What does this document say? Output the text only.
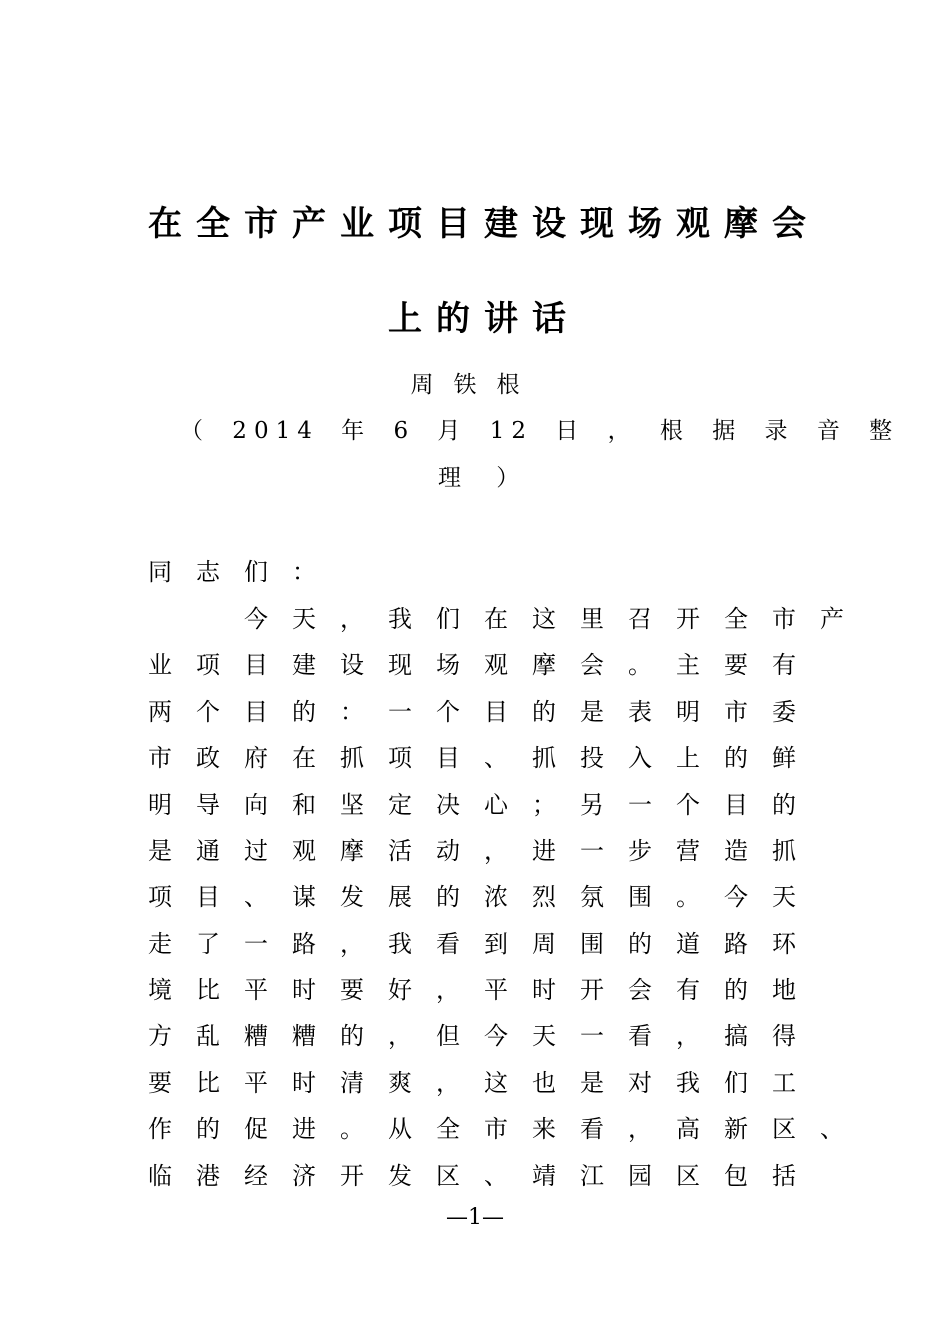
在全市产业项目建设现场观摩会
上的讲话

周铁根

（ 2014 年 6 月 12 日 ， 根 据 录 音 整

理 ）

同志们：

　　今天，我们在这里召开全市产

业项目建设现场观摩会。主要有

两个目的：一个目的是表明市委

市政府在抓项目、抓投入上的鲜

明导向和坚定决心；另一个目的

是通过观摩活动，进一步营造抓

项目、谋发展的浓烈氛围。今天

走了一路，我看到周围的道路环

境比平时要好，平时开会有的地

方乱糟糟的，但今天一看，搞得

要比平时清爽，这也是对我们工

作的促进。从全市来看，高新区、

临港经济开发区、靖江园区包括

—1—
